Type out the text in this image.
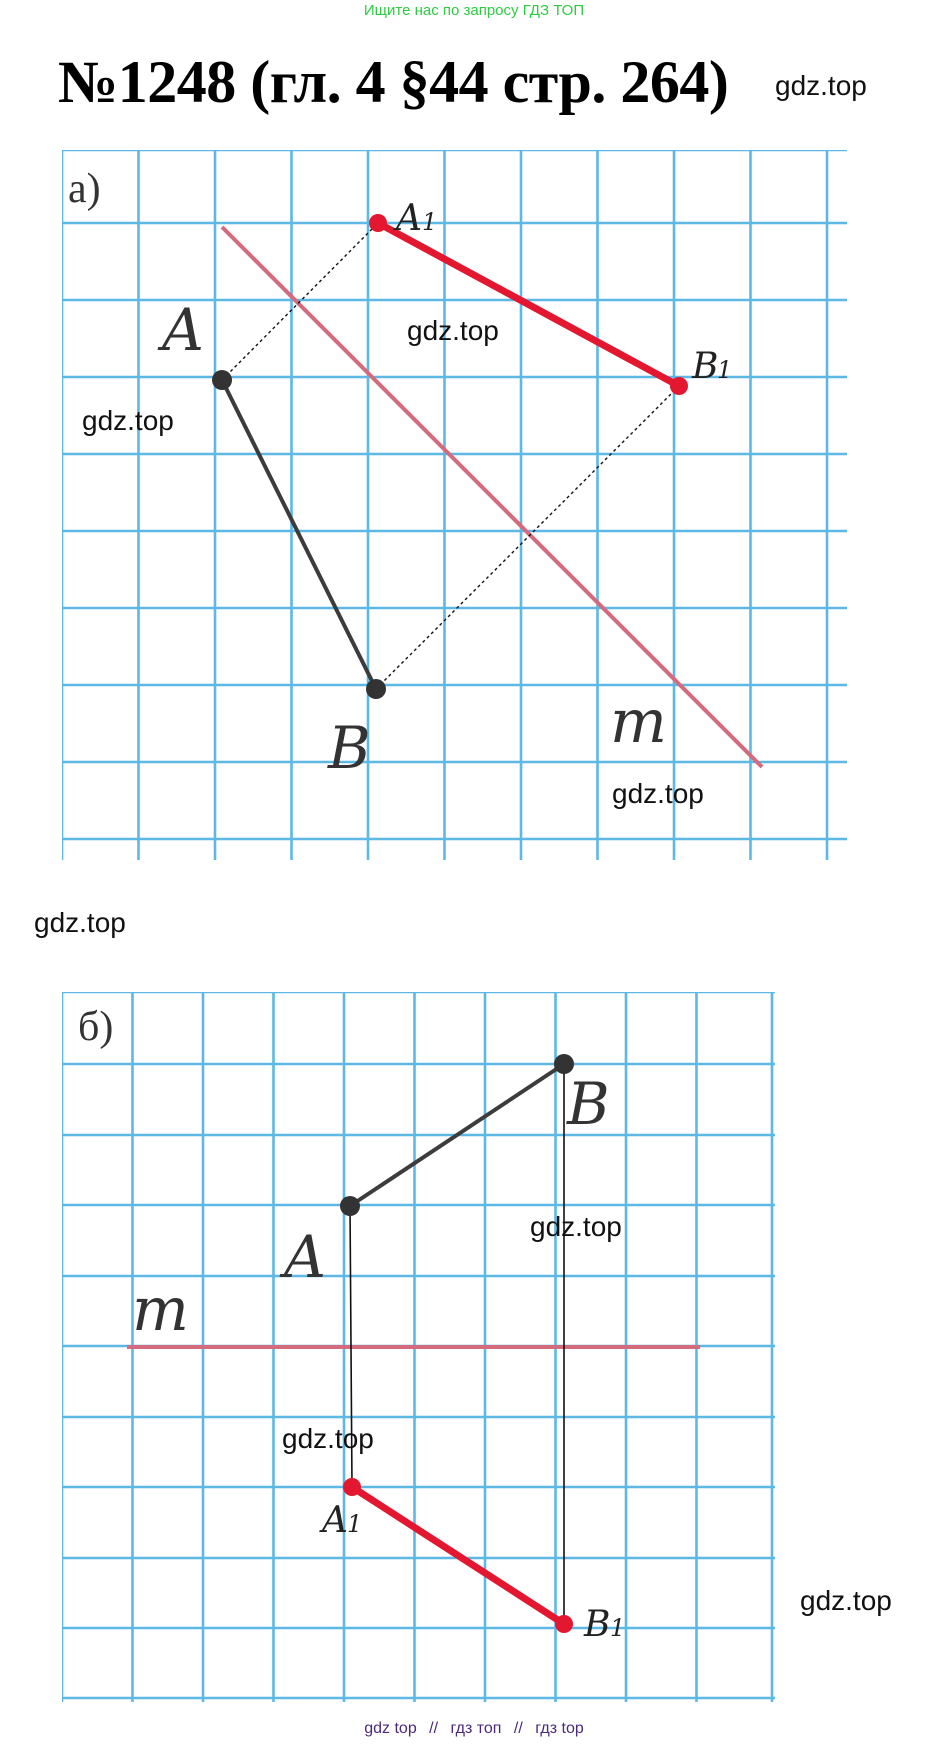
Ищите нас по запросу ГДЗ ТОП
№1248 (гл. 4 §44 стр. 264) gdz.top
а)
A
B
A 1
B
1
m
gdz.top
gdz.top
gdz.top
gdz.top
б)
B
A
m
A 1
B 1
gdz.top
gdz.top
gdz.top
gdz top // гдз топ // гдз top
